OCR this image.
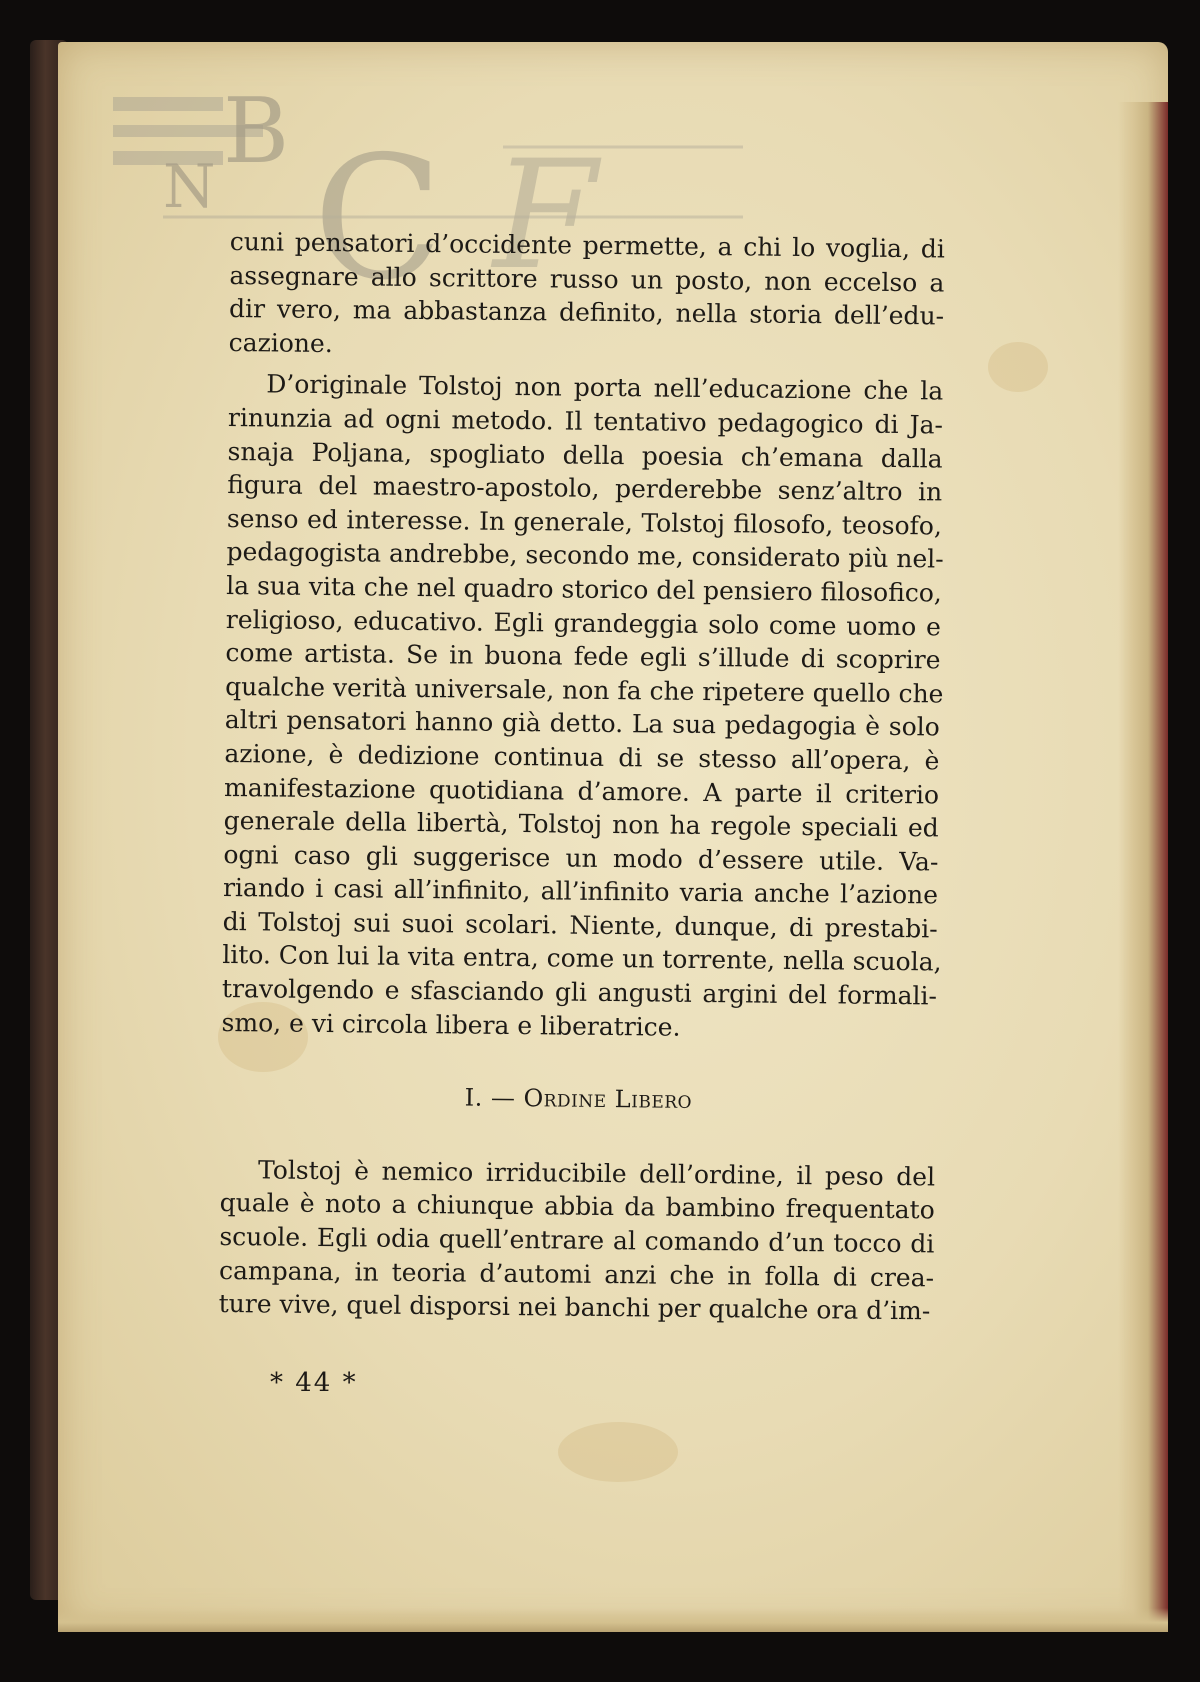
B
N C F
cuni pensatori d’occidente permette, a chi lo voglia, di
assegnare allo scrittore russo un posto, non eccelso a
dir vero, ma abbastanza definito, nella storia dell’edu-
cazione.
D’originale Tolstoj non porta nell’educazione che la
rinunzia ad ogni metodo. Il tentativo pedagogico di Ja-
snaja Poljana, spogliato della poesia ch’emana dalla
figura del maestro-apostolo, perderebbe senz’altro in
senso ed interesse. In generale, Tolstoj filosofo, teosofo,
pedagogista andrebbe, secondo me, considerato più nel-
la sua vita che nel quadro storico del pensiero filosofico,
religioso, educativo. Egli grandeggia solo come uomo e
come artista. Se in buona fede egli s’illude di scoprire
qualche verità universale, non fa che ripetere quello che
altri pensatori hanno già detto. La sua pedagogia è solo
azione, è dedizione continua di se stesso all’opera, è
manifestazione quotidiana d’amore. A parte il criterio
generale della libertà, Tolstoj non ha regole speciali ed
ogni caso gli suggerisce un modo d’essere utile. Va-
riando i casi all’infinito, all’infinito varia anche l’azione
di Tolstoj sui suoi scolari. Niente, dunque, di prestabi-
lito. Con lui la vita entra, come un torrente, nella scuola,
travolgendo e sfasciando gli angusti argini del formali-
smo, e vi circola libera e liberatrice.
I. — Ordine Libero
Tolstoj è nemico irriducibile dell’ordine, il peso del
quale è noto a chiunque abbia da bambino frequentato
scuole. Egli odia quell’entrare al comando d’un tocco di
campana, in teoria d’automi anzi che in folla di crea-
ture vive, quel disporsi nei banchi per qualche ora d’im-
* 44 *
